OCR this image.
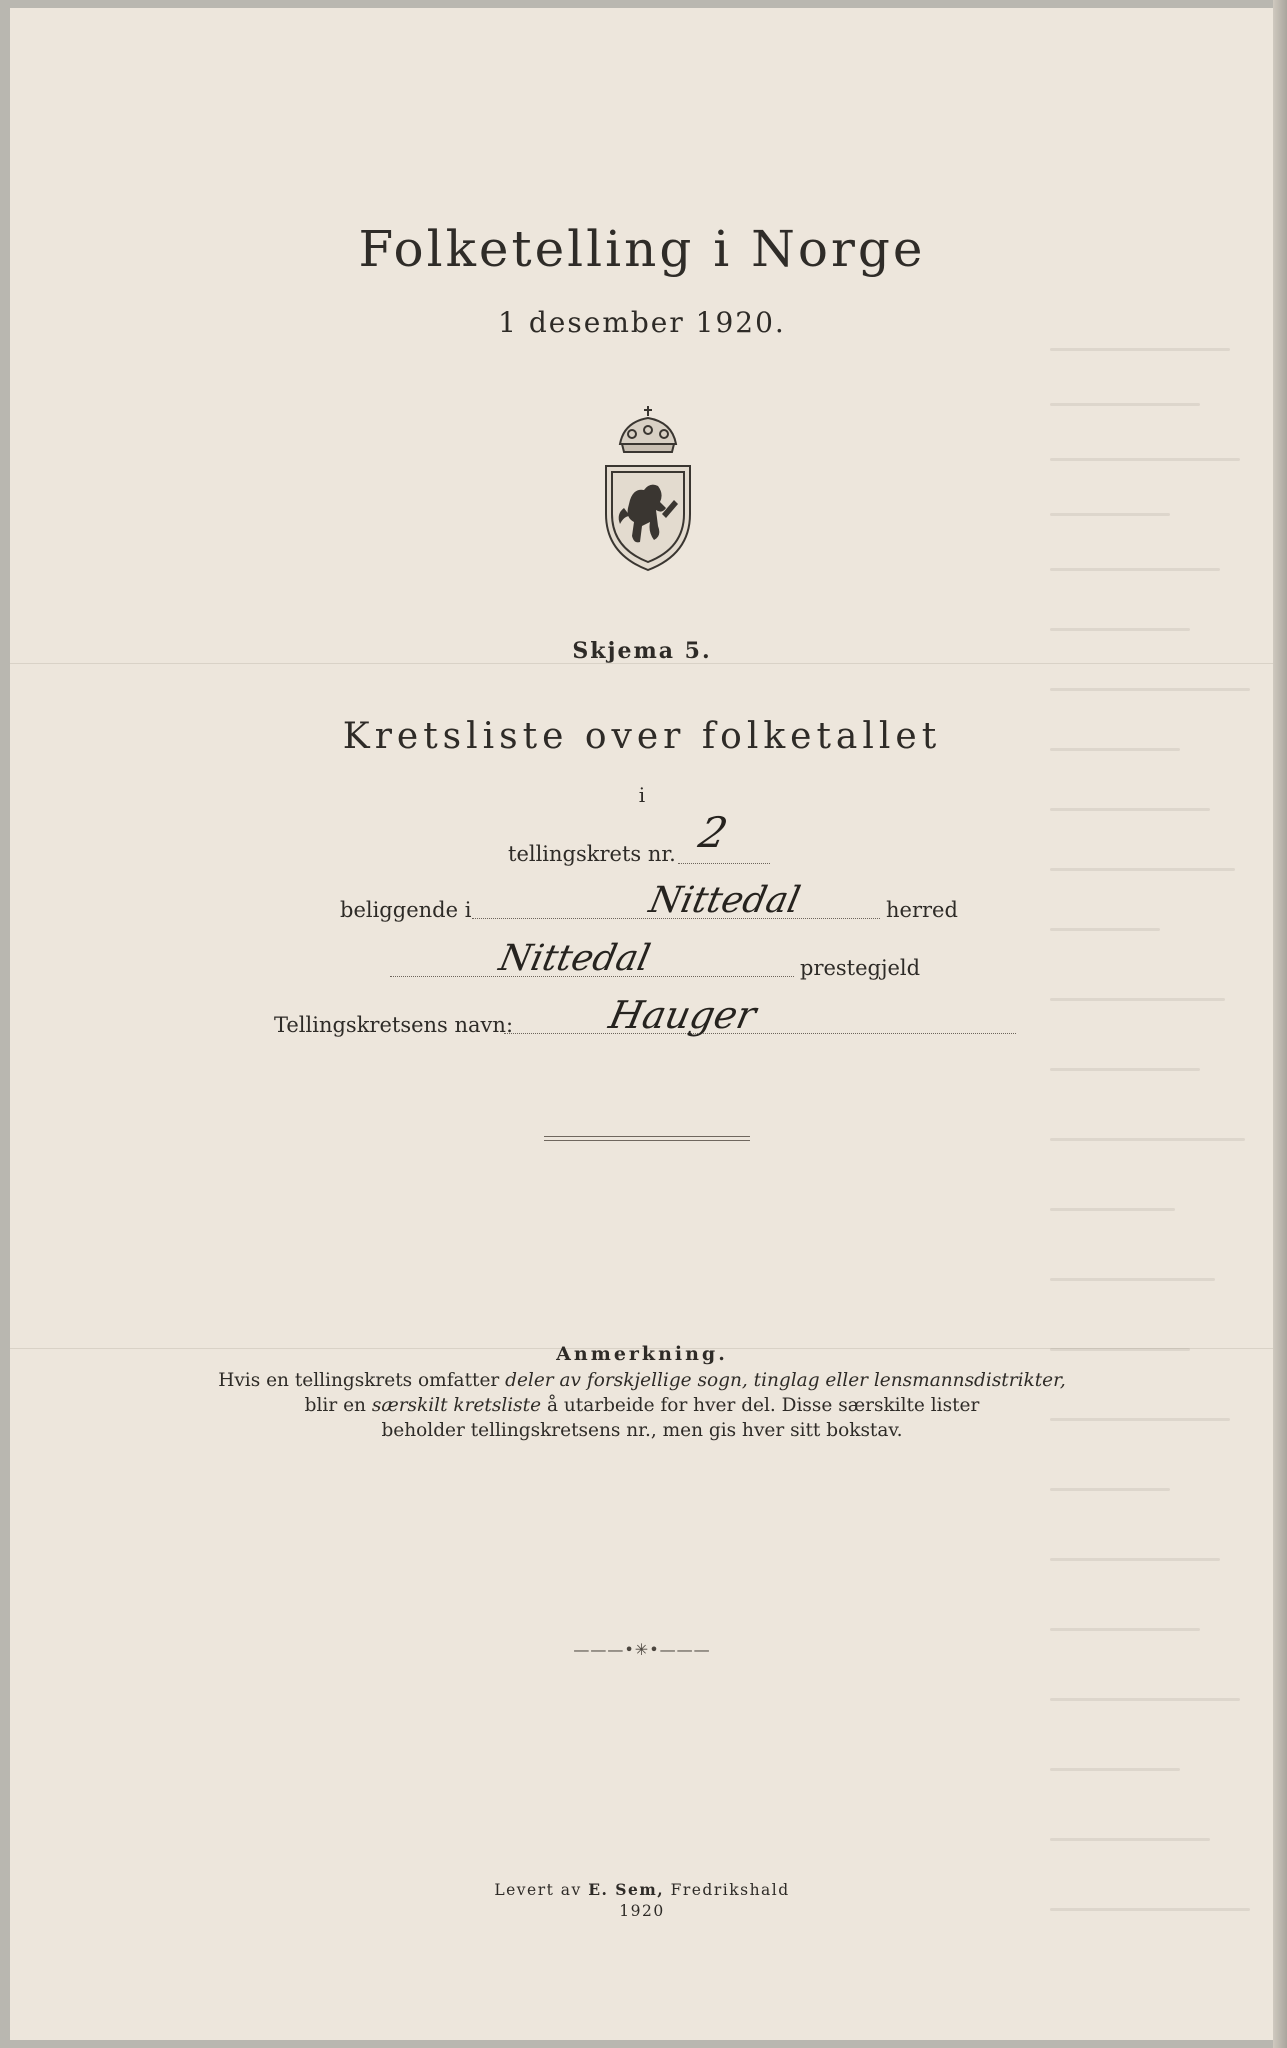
Folketelling i Norge
1 desember 1920.
Skjema 5.
Kretsliste over folketallet
i
tellingskrets nr. 2
beliggende i	Nittedal	herred
Nittedal	prestegjeld
Tellingskretsens navn: Hauger
Anmerkning.
Hvis en tellingskrets omfatter deler av forskjellige sogn, tinglag eller lensmannsdistrikter,
blir en særskilt kretsliste å utarbeide for hver del. Disse særskilte lister
beholder tellingskretsens nr., men gis hver sitt bokstav.
———•✳•———
Levert av E. Sem, Fredrikshald
1920
